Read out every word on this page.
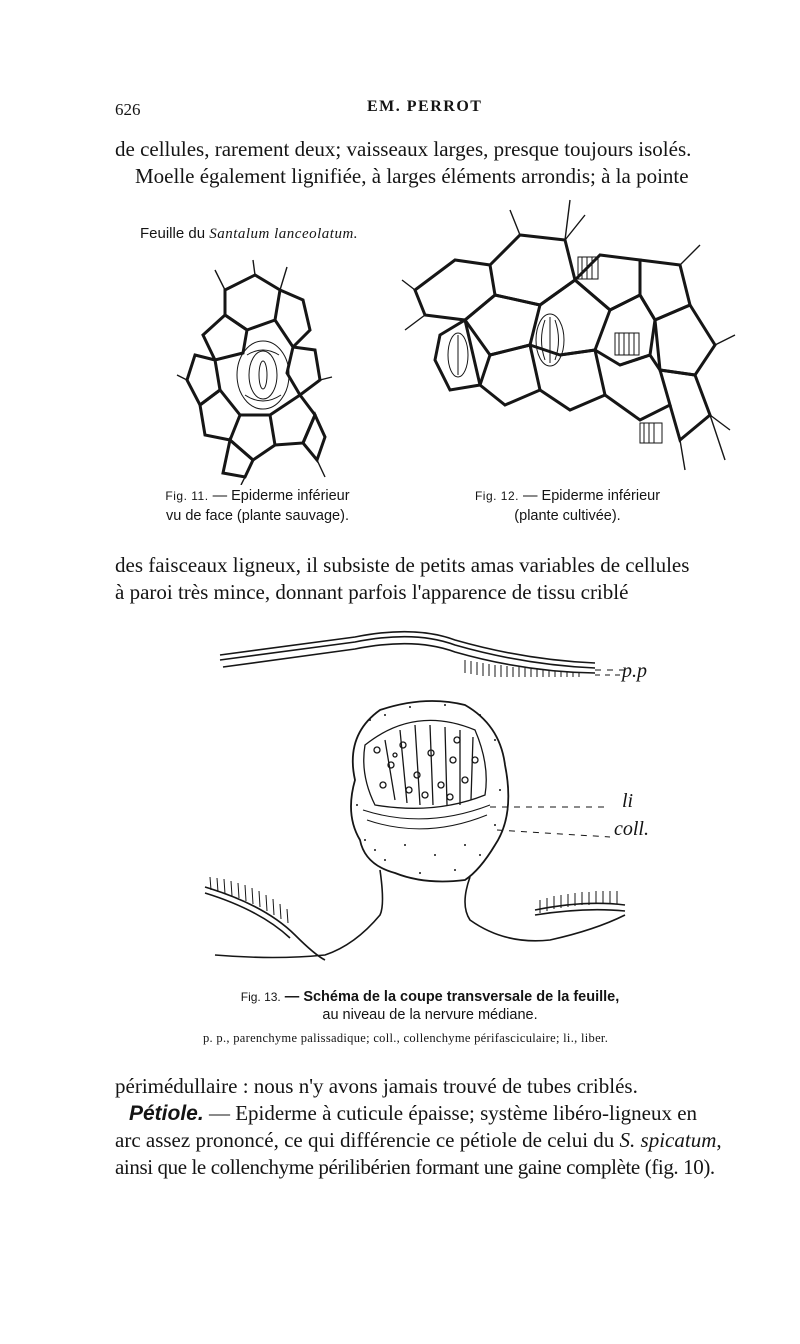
626	EM. PERROT
de cellules, rarement deux; vaisseaux larges, presque toujours isolés.
Moelle également lignifiée, à larges éléments arrondis; à la pointe
Feuille du Santalum lanceolatum.
Fig. 11. — Epiderme inférieur
vu de face (plante sauvage).
Fig. 12. — Epiderme inférieur
(plante cultivée).
des faisceaux ligneux, il subsiste de petits amas variables de cellules
à paroi très mince, donnant parfois l'apparence de tissu criblé
p.p
li
coll.
Fig. 13. — Schéma de la coupe transversale de la feuille,
au niveau de la nervure médiane.
p. p., parenchyme palissadique; coll., collenchyme périfasciculaire; li., liber.
périmédullaire : nous n'y avons jamais trouvé de tubes criblés.
Pétiole. — Epiderme à cuticule épaisse; système libéro-ligneux en
arc assez prononcé, ce qui différencie ce pétiole de celui du S. spicatum,
ainsi que le collenchyme périlibérien formant une gaine complète (fig. 10).
